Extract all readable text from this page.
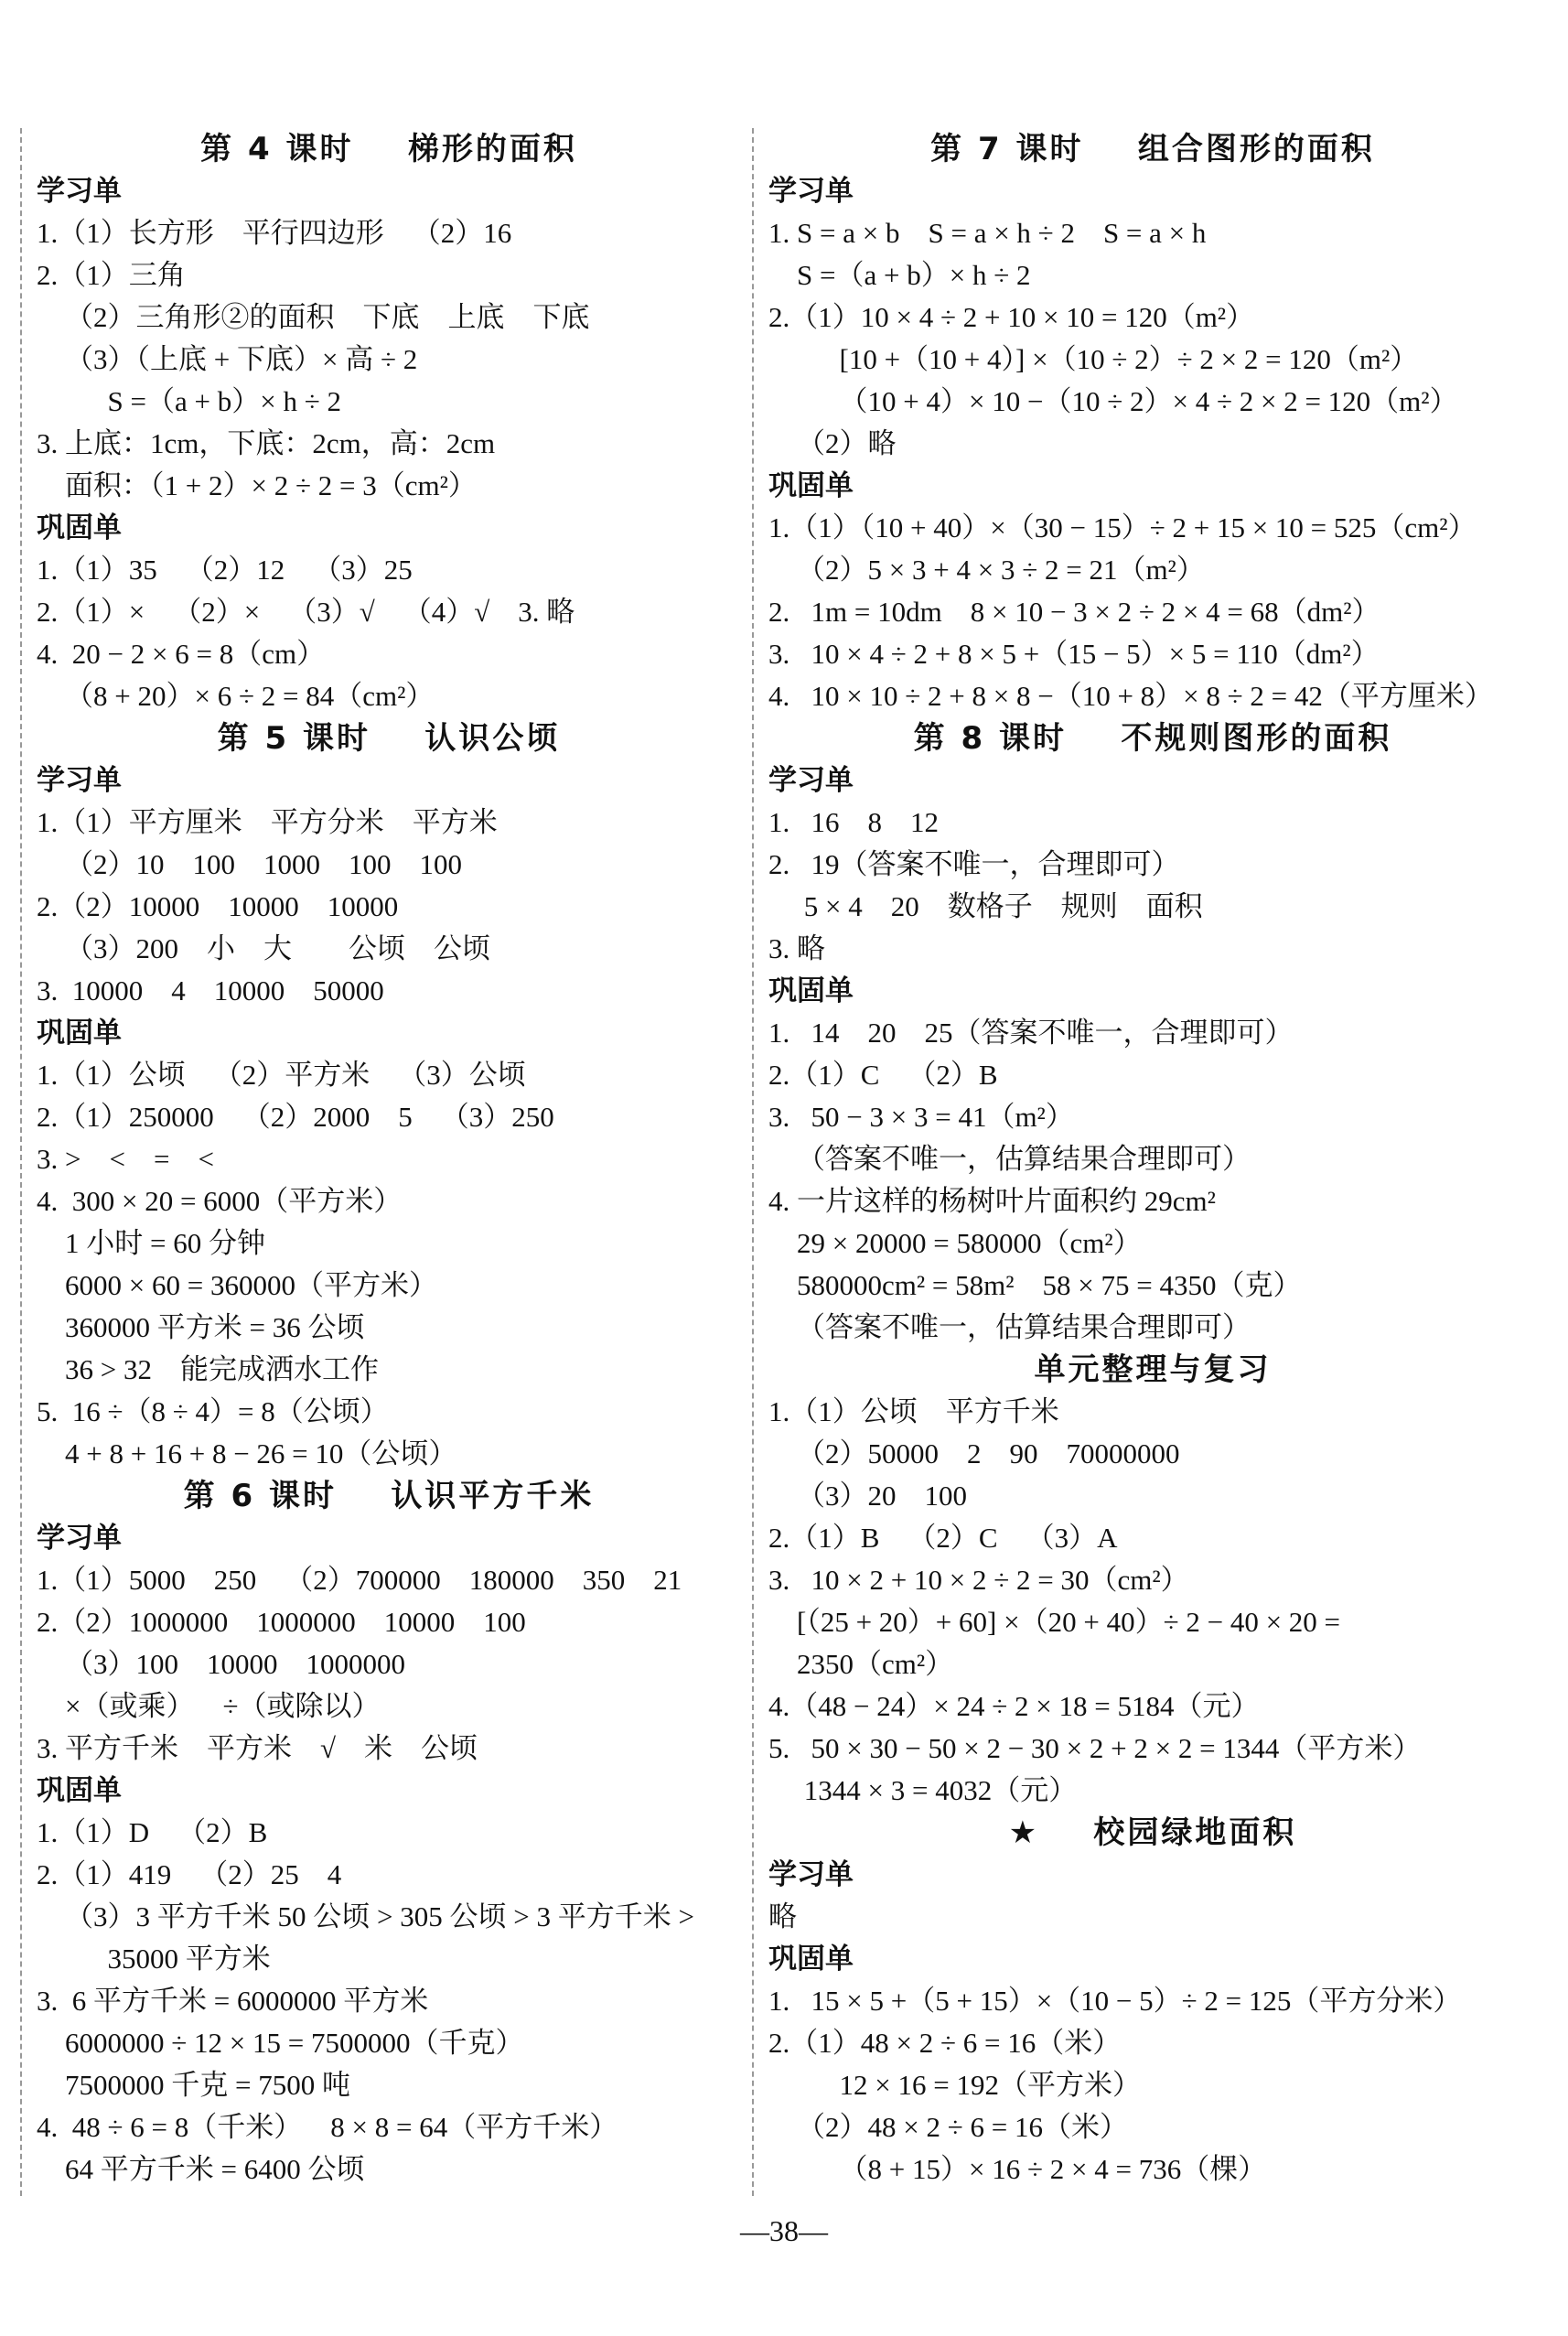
第 4 课时    梯形的面积
学习单
1.（1）长方形    平行四边形    （2）16
2.（1）三角
（2）三角形②的面积    下底    上底    下底
（3）（上底 + 下底）× 高 ÷ 2
S =（a + b）× h ÷ 2
3. 上底：1cm，下底：2cm，高：2cm
面积：（1 + 2）× 2 ÷ 2 = 3（cm²）
巩固单
1.（1）35    （2）12    （3）25
2.（1）×    （2）×    （3）√    （4）√    3. 略
4.  20 − 2 × 6 = 8（cm）
（8 + 20）× 6 ÷ 2 = 84（cm²）
第 5 课时    认识公顷
学习单
1.（1）平方厘米    平方分米    平方米
（2）10    100    1000    100    100
2.（2）10000    10000    10000
（3）200    小    大        公顷    公顷
3.  10000    4    10000    50000
巩固单
1.（1）公顷    （2）平方米    （3）公顷
2.（1）250000    （2）2000    5    （3）250
3. >    <    =    <
4.  300 × 20 = 6000（平方米）
1 小时 = 60 分钟
6000 × 60 = 360000（平方米）
360000 平方米 = 36 公顷
36 > 32    能完成洒水工作
5.  16 ÷（8 ÷ 4）= 8（公顷）
4 + 8 + 16 + 8 − 26 = 10（公顷）
第 6 课时    认识平方千米
学习单
1.（1）5000    250    （2）700000    180000    350    21
2.（2）1000000    1000000    10000    100
（3）100    10000    1000000
×（或乘）    ÷（或除以）
3. 平方千米    平方米    √    米    公顷
巩固单
1.（1）D    （2）B
2.（1）419    （2）25    4
（3）3 平方千米 50 公顷 > 305 公顷 > 3 平方千米 >
35000 平方米
3.  6 平方千米 = 6000000 平方米
6000000 ÷ 12 × 15 = 7500000（千克）
7500000 千克 = 7500 吨
4.  48 ÷ 6 = 8（千米）    8 × 8 = 64（平方千米）
64 平方千米 = 6400 公顷
第 7 课时    组合图形的面积
学习单
1. S = a × b    S = a × h ÷ 2    S = a × h
S =（a + b）× h ÷ 2
2.（1）10 × 4 ÷ 2 + 10 × 10 = 120（m²）
[10 +（10 + 4）] ×（10 ÷ 2）÷ 2 × 2 = 120（m²）
（10 + 4）× 10 −（10 ÷ 2）× 4 ÷ 2 × 2 = 120（m²）
（2）略
巩固单
1.（1）（10 + 40）×（30 − 15）÷ 2 + 15 × 10 = 525（cm²）
（2）5 × 3 + 4 × 3 ÷ 2 = 21（m²）
2.   1m = 10dm    8 × 10 − 3 × 2 ÷ 2 × 4 = 68（dm²）
3.   10 × 4 ÷ 2 + 8 × 5 +（15 − 5）× 5 = 110（dm²）
4.   10 × 10 ÷ 2 + 8 × 8 −（10 + 8）× 8 ÷ 2 = 42（平方厘米）
第 8 课时    不规则图形的面积
学习单
1.   16    8    12
2.   19（答案不唯一，合理即可）
5 × 4    20    数格子    规则    面积
3. 略
巩固单
1.   14    20    25（答案不唯一，合理即可）
2.（1）C    （2）B
3.   50 − 3 × 3 = 41（m²）
（答案不唯一，估算结果合理即可）
4. 一片这样的杨树叶片面积约 29cm²
29 × 20000 = 580000（cm²）
580000cm² = 58m²    58 × 75 = 4350（克）
（答案不唯一，估算结果合理即可）
单元整理与复习
1.（1）公顷    平方千米
（2）50000    2    90    70000000
（3）20    100
2.（1）B    （2）C    （3）A
3.   10 × 2 + 10 × 2 ÷ 2 = 30（cm²）
[（25 + 20）+ 60] ×（20 + 40）÷ 2 − 40 × 20 =
2350（cm²）
4.（48 − 24）× 24 ÷ 2 × 18 = 5184（元）
5.   50 × 30 − 50 × 2 − 30 × 2 + 2 × 2 = 1344（平方米）
1344 × 3 = 4032（元）
★    校园绿地面积
学习单
略
巩固单
1.   15 × 5 +（5 + 15）×（10 − 5）÷ 2 = 125（平方分米）
2.（1）48 × 2 ÷ 6 = 16（米）
12 × 16 = 192（平方米）
（2）48 × 2 ÷ 6 = 16（米）
（8 + 15）× 16 ÷ 2 × 4 = 736（棵）
—38—
